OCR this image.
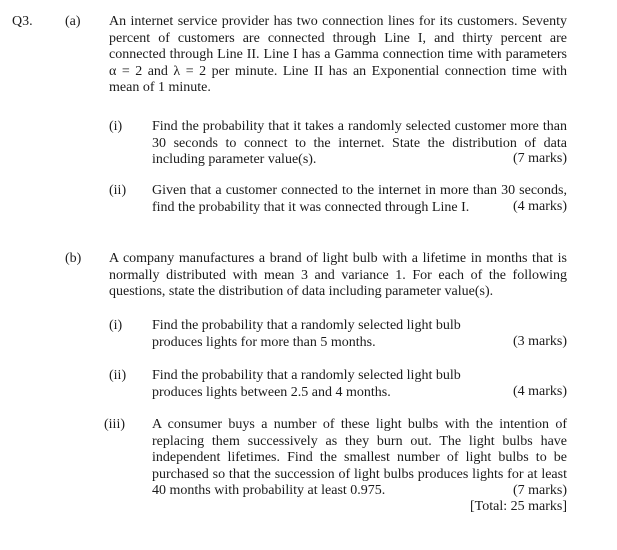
Q3. (a) An internet service provider has two connection lines for its customers. Seventy percent of customers are connected through Line I, and thirty percent are connected through Line II. Line I has a Gamma connection time with parameters α = 2 and λ = 2 per minute. Line II has an Exponential connection time with mean of 1 minute.
(i) Find the probability that it takes a randomly selected customer more than 30 seconds to connect to the internet. State the distribution of data including parameter value(s).	(7 marks)
(ii) Given that a customer connected to the internet in more than 30 seconds, find the probability that it was connected through Line I.	(4 marks)
(b) A company manufactures a brand of light bulb with a lifetime in months that is normally distributed with mean 3 and variance 1. For each of the following questions, state the distribution of data including parameter value(s).
(i) Find the probability that a randomly selected light bulb produces lights for more than 5 months.	(3 marks)
(ii) Find the probability that a randomly selected light bulb produces lights between 2.5 and 4 months.	(4 marks)
(iii) A consumer buys a number of these light bulbs with the intention of replacing them successively as they burn out. The light bulbs have independent lifetimes. Find the smallest number of light bulbs to be purchased so that the succession of light bulbs produces lights for at least 40 months with probability at least 0.975.	(7 marks)
[Total: 25 marks]
